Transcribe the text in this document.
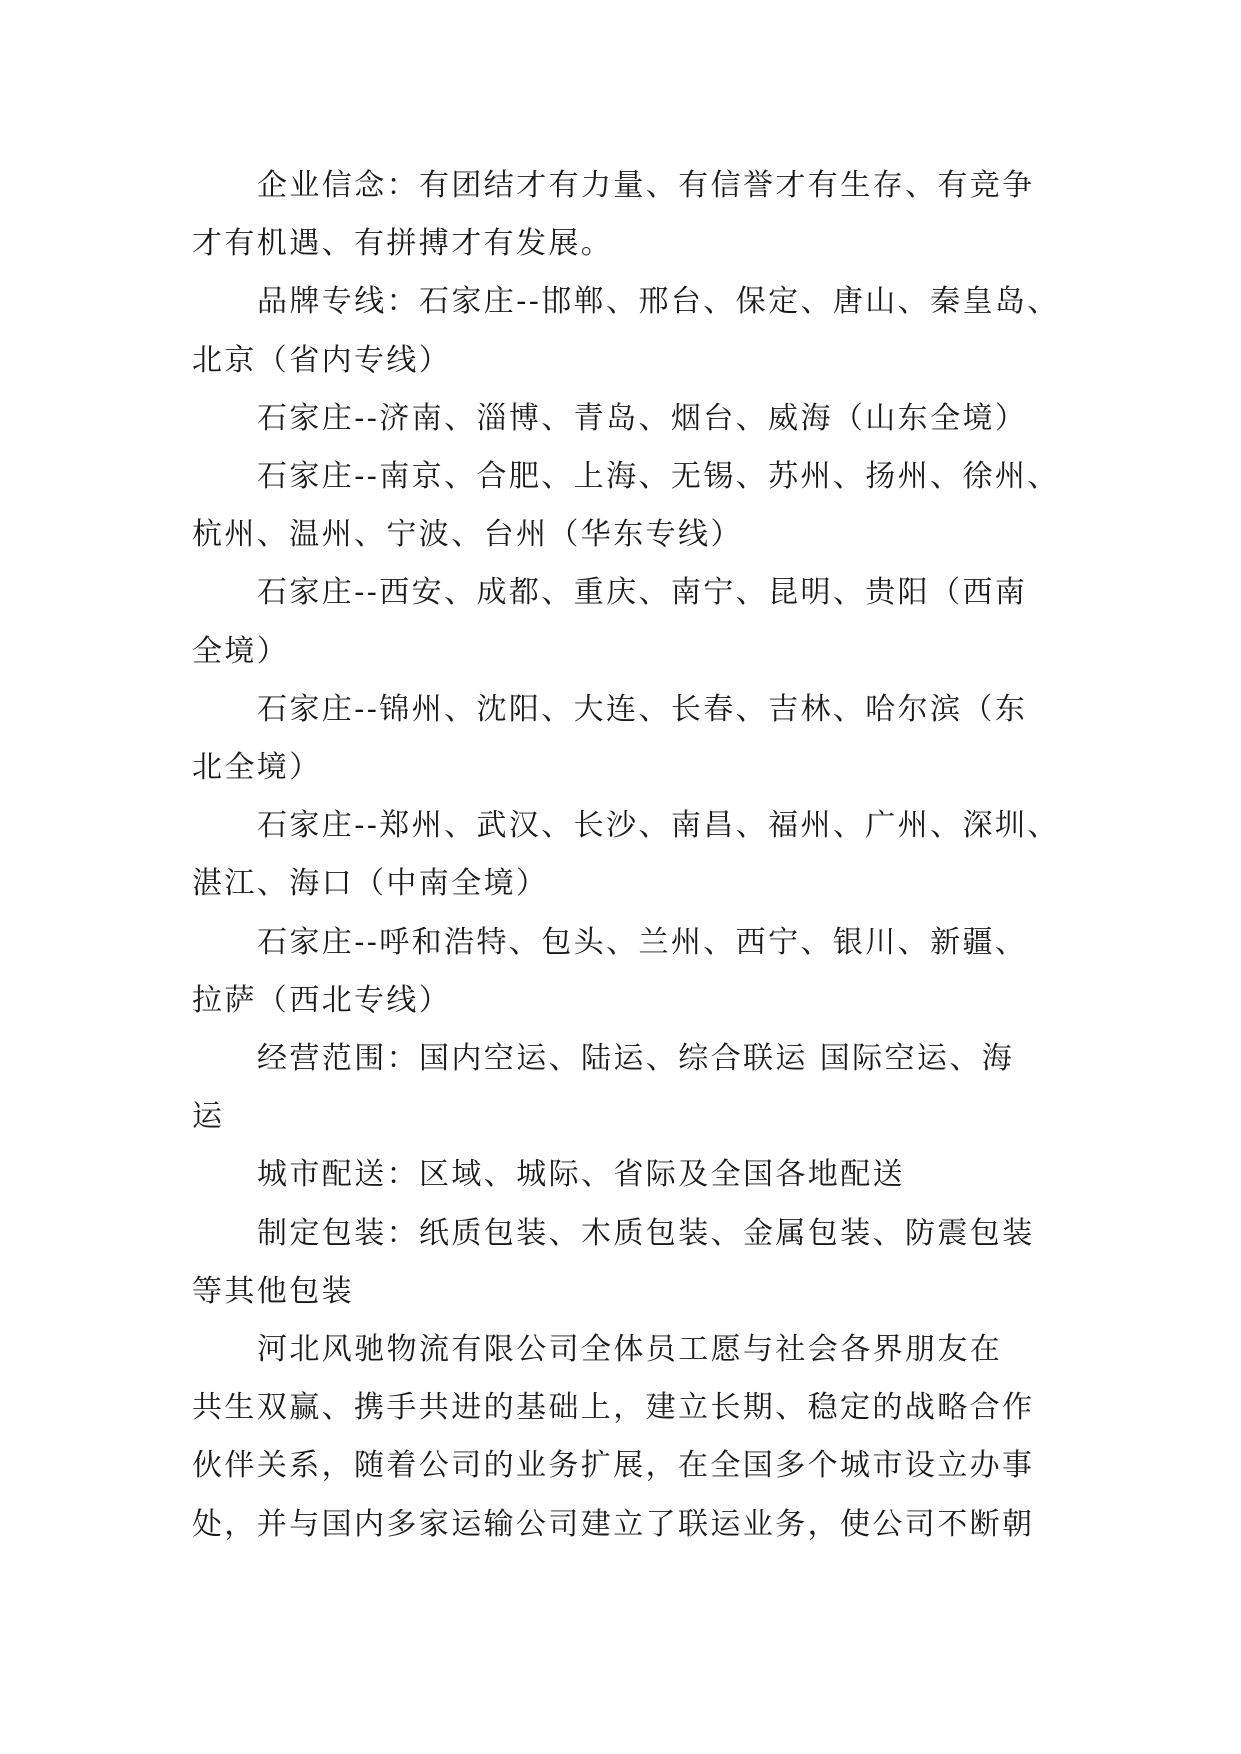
企业信念：有团结才有力量、有信誉才有生存、有竞争
才有机遇、有拼搏才有发展。
品牌专线：石家庄--邯郸、邢台、保定、唐山、秦皇岛、
北京（省内专线）
石家庄--济南、淄博、青岛、烟台、威海（山东全境）
石家庄--南京、合肥、上海、无锡、苏州、扬州、徐州、
杭州、温州、宁波、台州（华东专线）
石家庄--西安、成都、重庆、南宁、昆明、贵阳（西南
全境）
石家庄--锦州、沈阳、大连、长春、吉林、哈尔滨（东
北全境）
石家庄--郑州、武汉、长沙、南昌、福州、广州、深圳、
湛江、海口（中南全境）
石家庄--呼和浩特、包头、兰州、西宁、银川、新疆、
拉萨（西北专线）
经营范围：国内空运、陆运、综合联运 国际空运、海
运
城市配送：区域、城际、省际及全国各地配送
制定包装：纸质包装、木质包装、金属包装、防震包装
等其他包装
河北风驰物流有限公司全体员工愿与社会各界朋友在
共生双赢、携手共进的基础上，建立长期、稳定的战略合作
伙伴关系，随着公司的业务扩展，在全国多个城市设立办事
处，并与国内多家运输公司建立了联运业务，使公司不断朝
